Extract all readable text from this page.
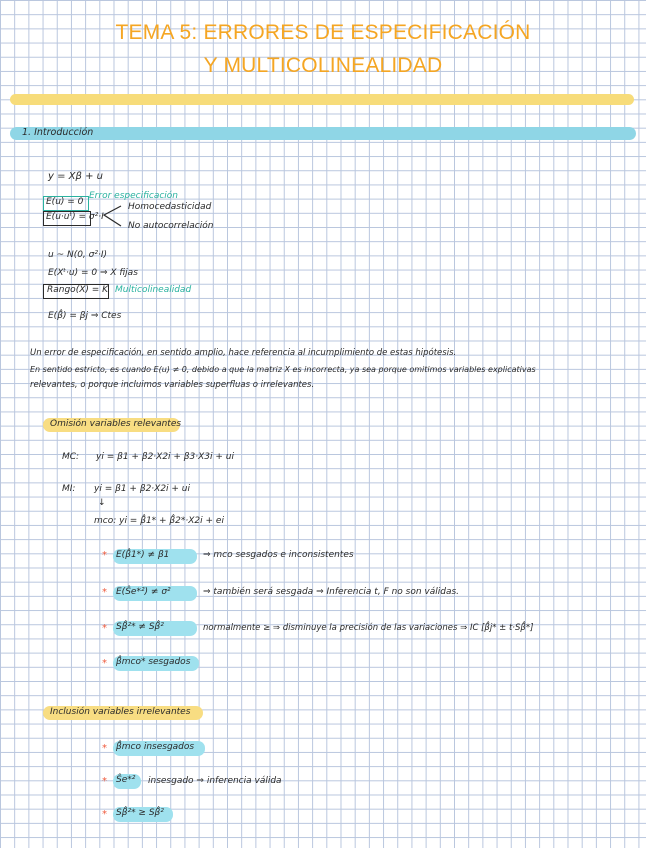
TEMA 5: ERRORES DE ESPECIFICACIÓN
Y MULTICOLINEALIDAD
1. Introducción
y = Xβ + u
E(u) = 0
Error especificación
E(u·uᵗ) = σ²·I
Homocedasticidad
No autocorrelación
u ~ N(0, σ²·I)
E(Xᵗ·u) = 0 ⇒ X fijas
Rango(X) = K Multicolinealidad
E(β̂) = βj ⇒ Ctes
Un error de especificación, en sentido amplio, hace referencia al incumplimiento de estas hipótesis.
En sentido estricto, es cuando E(u) ≠ 0, debido a que la matriz X es incorrecta, ya sea porque omitimos variables explicativas
relevantes, o porque incluimos variables superfluas o irrelevantes.
Omisión variables relevantes
MC: yi = β1 + β2·X2i + β3·X3i + ui
MI: yi = β1 + β2·X2i + ui
↓
mco: yi = β̂1* + β̂2*·X2i + ei
* E(β̂1*) ≠ β1	⇒ mco sesgados e inconsistentes
* E(Ŝe*²) ≠ σ²	⇒ también será sesgada ⇒ Inferencia t, F no son válidas.
* Sβ̂²* ≠ Sβ̂²	normalmente ≥ ⇒ disminuye la precisión de las variaciones ⇒ IC [β̂j* ± t·Sβ̂*]
* β̂mco* sesgados
Inclusión variables irrelevantes
* β̂mco insesgados
* Ŝe*² insesgado ⇒ inferencia válida
* Sβ̂²* ≥ Sβ̂²
